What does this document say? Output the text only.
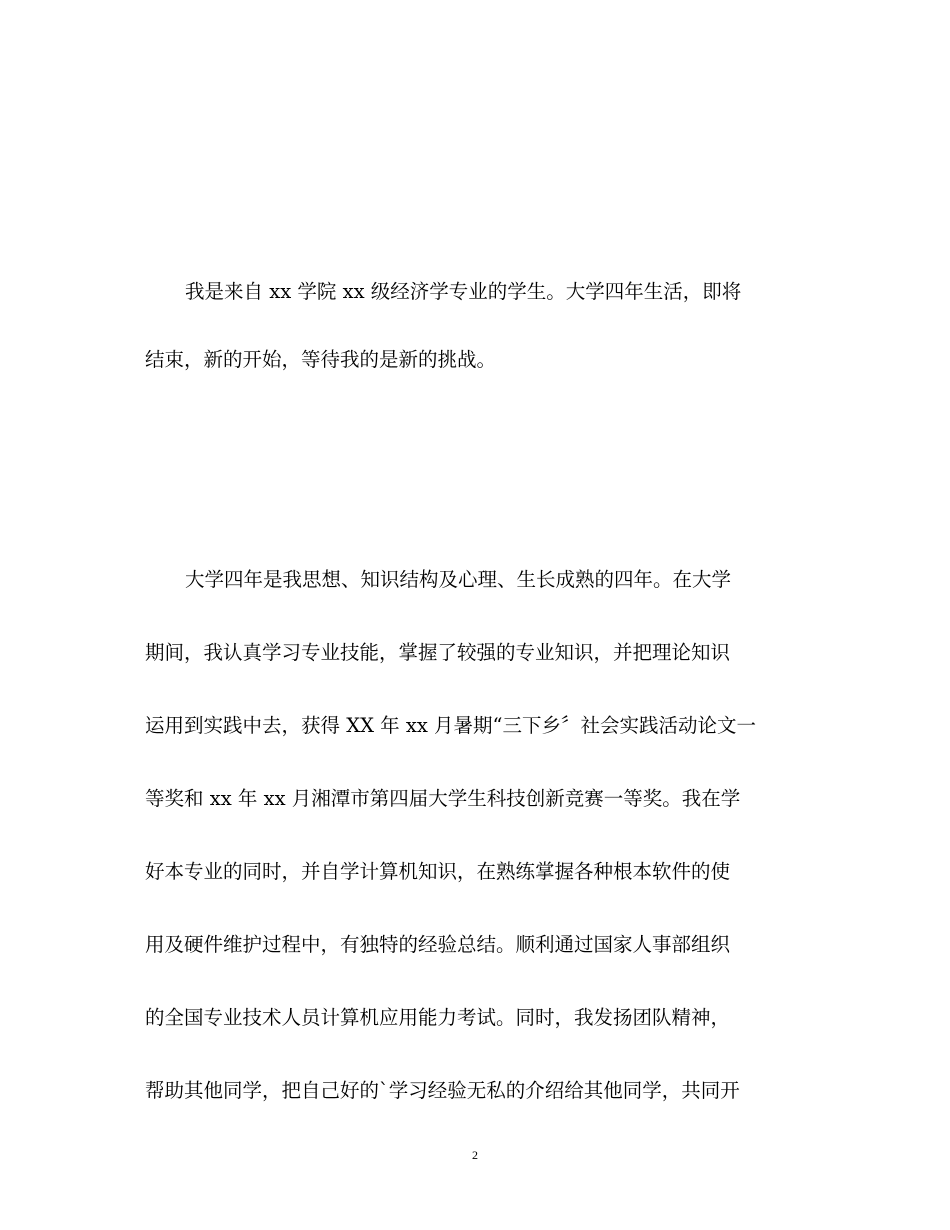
我是来自 xx 学院 xx 级经济学专业的学生。大学四年生活，即将

结束，新的开始，等待我的是新的挑战。

大学四年是我思想、知识结构及心理、生长成熟的四年。在大学

期间，我认真学习专业技能，掌握了较强的专业知识，并把理论知识

运用到实践中去，获得 XX 年 xx 月暑期“三下乡〞社会实践活动论文一

等奖和 xx 年 xx 月湘潭市第四届大学生科技创新竞赛一等奖。我在学

好本专业的同时，并自学计算机知识，在熟练掌握各种根本软件的使

用及硬件维护过程中，有独特的经验总结。顺利通过国家人事部组织

的全国专业技术人员计算机应用能力考试。同时，我发扬团队精神，

帮助其他同学，把自己好的`学习经验无私的介绍给其他同学，共同开

2
